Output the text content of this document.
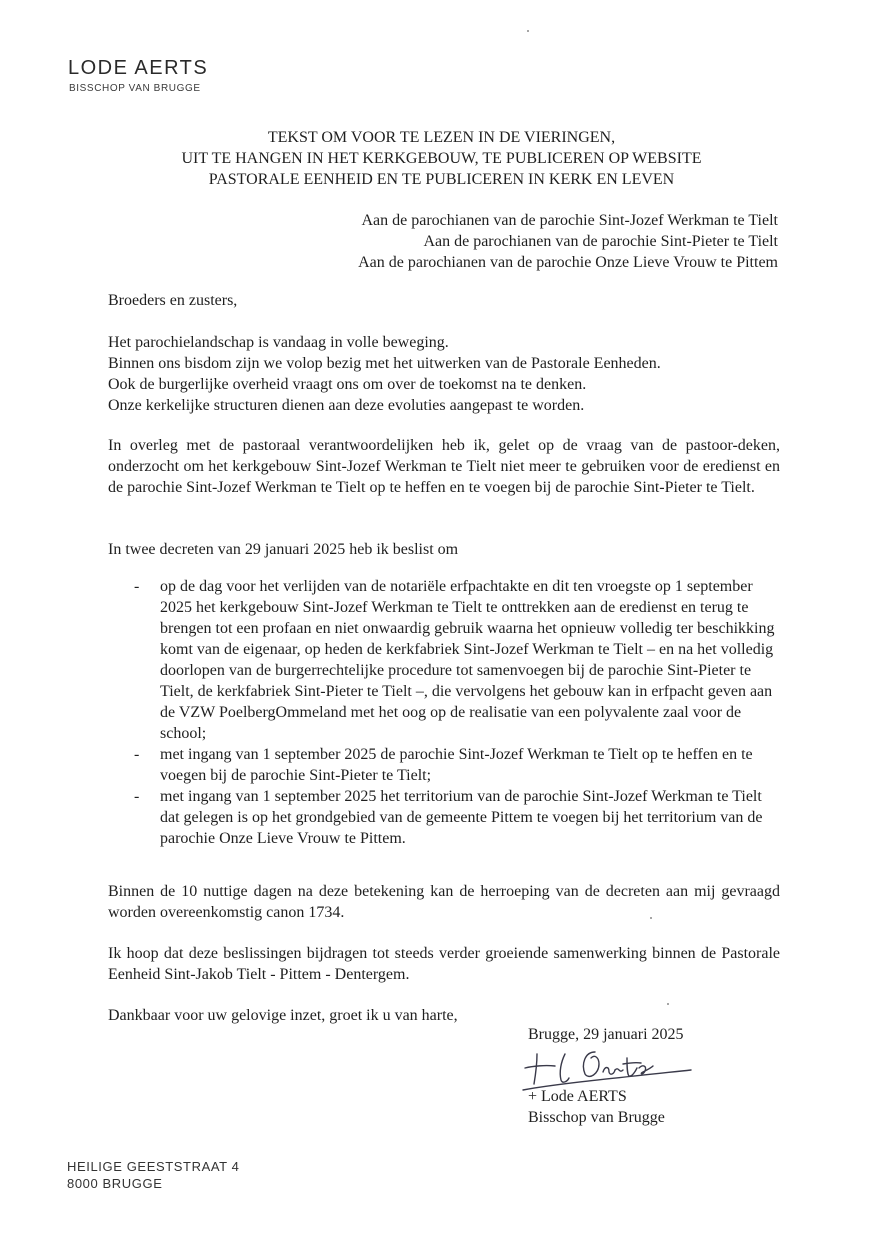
LODE AERTS
BISSCHOP VAN BRUGGE
TEKST OM VOOR TE LEZEN IN DE VIERINGEN,
UIT TE HANGEN IN HET KERKGEBOUW, TE PUBLICEREN OP WEBSITE
PASTORALE EENHEID EN TE PUBLICEREN IN KERK EN LEVEN
Aan de parochianen van de parochie Sint-Jozef Werkman te Tielt
Aan de parochianen van de parochie Sint-Pieter te Tielt
Aan de parochianen van de parochie Onze Lieve Vrouw te Pittem
Broeders en zusters,
Het parochielandschap is vandaag in volle beweging.
Binnen ons bisdom zijn we volop bezig met het uitwerken van de Pastorale Eenheden.
Ook de burgerlijke overheid vraagt ons om over de toekomst na te denken.
Onze kerkelijke structuren dienen aan deze evoluties aangepast te worden.
In overleg met de pastoraal verantwoordelijken heb ik, gelet op de vraag van de pastoor-deken, onderzocht om het kerkgebouw Sint-Jozef Werkman te Tielt niet meer te gebruiken voor de eredienst en de parochie Sint-Jozef Werkman te Tielt op te heffen en te voegen bij de parochie Sint-Pieter te Tielt.
In twee decreten van 29 januari 2025 heb ik beslist om
- op de dag voor het verlijden van de notariële erfpachtakte en dit ten vroegste op 1 september 2025 het kerkgebouw Sint-Jozef Werkman te Tielt te onttrekken aan de eredienst en terug te brengen tot een profaan en niet onwaardig gebruik waarna het opnieuw volledig ter beschikking komt van de eigenaar, op heden de kerkfabriek Sint-Jozef Werkman te Tielt – en na het volledig doorlopen van de burgerrechtelijke procedure tot samenvoegen bij de parochie Sint-Pieter te Tielt, de kerkfabriek Sint-Pieter te Tielt –, die vervolgens het gebouw kan in erfpacht geven aan de VZW PoelbergOmmeland met het oog op de realisatie van een polyvalente zaal voor de school;
- met ingang van 1 september 2025 de parochie Sint-Jozef Werkman te Tielt op te heffen en te voegen bij de parochie Sint-Pieter te Tielt;
- met ingang van 1 september 2025 het territorium van de parochie Sint-Jozef Werkman te Tielt dat gelegen is op het grondgebied van de gemeente Pittem te voegen bij het territorium van de parochie Onze Lieve Vrouw te Pittem.
Binnen de 10 nuttige dagen na deze betekening kan de herroeping van de decreten aan mij gevraagd worden overeenkomstig canon 1734.
Ik hoop dat deze beslissingen bijdragen tot steeds verder groeiende samenwerking binnen de Pastorale Eenheid Sint-Jakob Tielt - Pittem - Dentergem.
Dankbaar voor uw gelovige inzet, groet ik u van harte,
Brugge, 29 januari 2025
+ Lode AERTS
Bisschop van Brugge
HEILIGE GEESTSTRAAT 4
8000 BRUGGE
